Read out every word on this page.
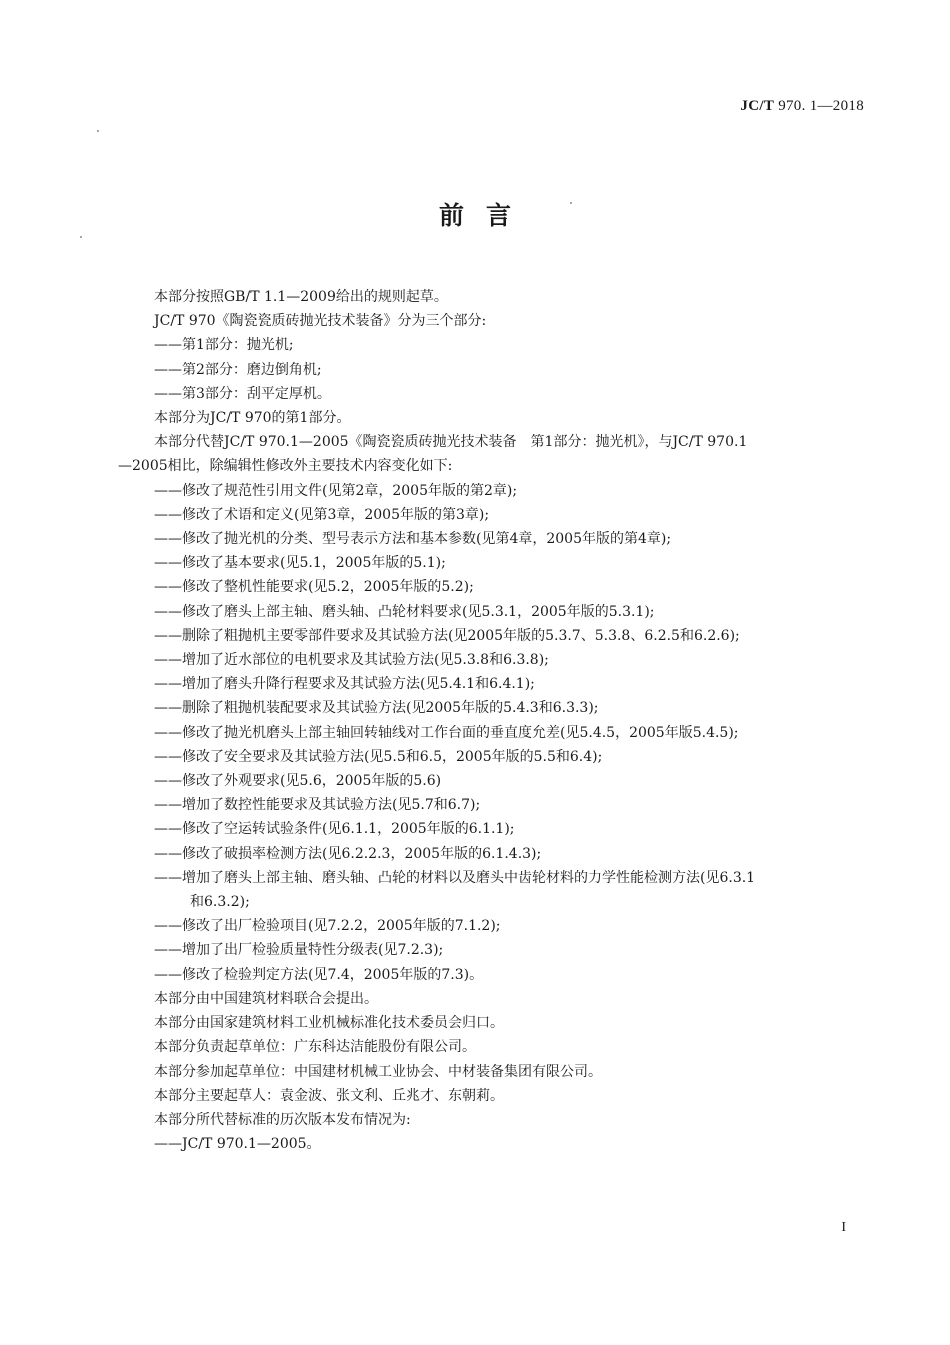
JC/T 970. 1—2018
前言
本部分按照GB/T 1.1—2009给出的规则起草。
JC/T 970《陶瓷瓷质砖抛光技术装备》分为三个部分:
——第1部分：抛光机;
——第2部分：磨边倒角机;
——第3部分：刮平定厚机。
本部分为JC/T 970的第1部分。
本部分代替JC/T 970.1—2005《陶瓷瓷质砖抛光技术装备　第1部分：抛光机》，与JC/T 970.1
—2005相比，除编辑性修改外主要技术内容变化如下:
——修改了规范性引用文件(见第2章，2005年版的第2章);
——修改了术语和定义(见第3章，2005年版的第3章);
——修改了抛光机的分类、型号表示方法和基本参数(见第4章，2005年版的第4章);
——修改了基本要求(见5.1，2005年版的5.1);
——修改了整机性能要求(见5.2，2005年版的5.2);
——修改了磨头上部主轴、磨头轴、凸轮材料要求(见5.3.1，2005年版的5.3.1);
——删除了粗抛机主要零部件要求及其试验方法(见2005年版的5.3.7、5.3.8、6.2.5和6.2.6);
——增加了近水部位的电机要求及其试验方法(见5.3.8和6.3.8);
——增加了磨头升降行程要求及其试验方法(见5.4.1和6.4.1);
——删除了粗抛机装配要求及其试验方法(见2005年版的5.4.3和6.3.3);
——修改了抛光机磨头上部主轴回转轴线对工作台面的垂直度允差(见5.4.5，2005年版5.4.5);
——修改了安全要求及其试验方法(见5.5和6.5，2005年版的5.5和6.4);
——修改了外观要求(见5.6，2005年版的5.6)
——增加了数控性能要求及其试验方法(见5.7和6.7);
——修改了空运转试验条件(见6.1.1，2005年版的6.1.1);
——修改了破损率检测方法(见6.2.2.3，2005年版的6.1.4.3);
——增加了磨头上部主轴、磨头轴、凸轮的材料以及磨头中齿轮材料的力学性能检测方法(见6.3.1
和6.3.2);
——修改了出厂检验项目(见7.2.2，2005年版的7.1.2);
——增加了出厂检验质量特性分级表(见7.2.3);
——修改了检验判定方法(见7.4，2005年版的7.3)。
本部分由中国建筑材料联合会提出。
本部分由国家建筑材料工业机械标准化技术委员会归口。
本部分负责起草单位：广东科达洁能股份有限公司。
本部分参加起草单位：中国建材机械工业协会、中材装备集团有限公司。
本部分主要起草人：袁金波、张文利、丘兆才、东朝莉。
本部分所代替标准的历次版本发布情况为:
——JC/T 970.1—2005。
I
